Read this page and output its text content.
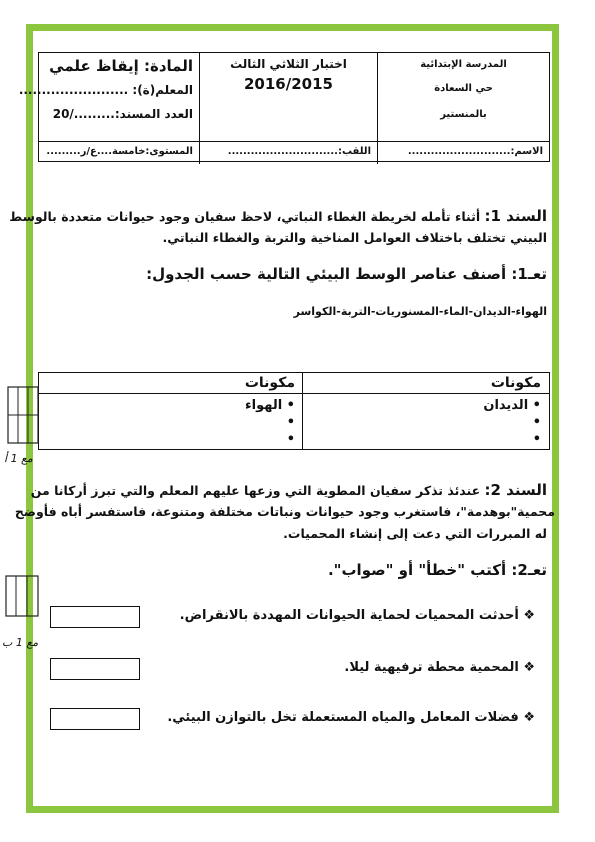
المدرسة الإبتدائية
حي السعادة
بالمنستير
اختبار الثلاثي الثالث
2016/2015
المادة: إيقاظ علمي
المعلم(ة): ........................
العدد المسند:........./20
الاسم:...........................
اللقب:.............................
المستوى:خامسة....ع/ر.........
السند 1: أثناء تأمله لخريطة الغطاء النباتي، لاحظ سفيان وجود حيوانات متعددة بالوسط
البيني تختلف باختلاف العوامل المناخية والتربة والغطاء النباتي.
تعـ1: أصنف عناصر الوسط البيئي التالية حسب الجدول:
الهواء-الديدان-الماء-المسنوريات-التربة-الكواسر
مكونات
مكونات
• الديدان
•
•
• الهواء
•
•
مع 1 أ
السند 2: عندئذ تذكر سفيان المطوية التي وزعها عليهم المعلم والتي تبرز أركانا من
محمية"بوهدمة"، فاستغرب وجود حيوانات ونباتات مختلفة ومتنوعة، فاستفسر أباه فأوضح
له المبررات التي دعت إلى إنشاء المحميات.
تعـ2: أكتب "خطأ" أو "صواب".
مع 1 ب
❖ أحدثت المحميات لحماية الحيوانات المهددة بالانقراض.
❖ المحمية محطة ترفيهية ليلا.
❖ فضلات المعامل والمياه المستعملة تخل بالتوازن البيئي.
